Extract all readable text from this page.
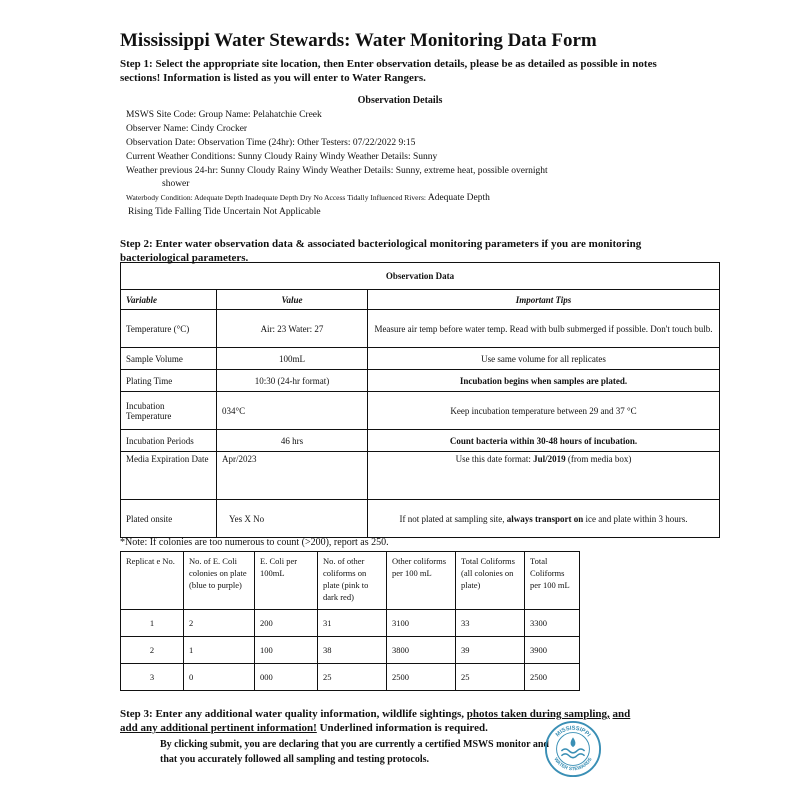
Mississippi Water Stewards: Water Monitoring Data Form
Step 1: Select the appropriate site location, then Enter observation details, please be as detailed as possible in notes sections! Information is listed as you will enter to Water Rangers.
Observation Details
MSWS Site Code: Group Name: Pelahatchie Creek
Observer Name: Cindy Crocker
Observation Date: Observation Time (24hr): Other Testers: 07/22/2022 9:15
Current Weather Conditions: Sunny Cloudy Rainy Windy Weather Details: Sunny
Weather previous 24-hr: Sunny Cloudy Rainy Windy Weather Details: Sunny, extreme heat, possible overnight
shower
Waterbody Condition: Adequate Depth Inadequate Depth Dry No Access Tidally Influenced Rivers: Adequate Depth
Rising Tide Falling Tide Uncertain Not Applicable
Step 2: Enter water observation data & associated bacteriological monitoring parameters if you are monitoring bacteriological parameters.
Observation Data		
Variable	Value	Important Tips
Temperature (°C)	Air: 23 Water: 27	Measure air temp before water temp. Read with bulb submerged if possible. Don't touch bulb.
Sample Volume	100mL	Use same volume for all replicates
Plating Time	10:30 (24-hr format)	Incubation begins when samples are plated.
Incubation Temperature	034°C	Keep incubation temperature between 29 and 37 °C
Incubation Periods	46 hrs	Count bacteria within 30-48 hours of incubation.
Media Expiration Date	Apr/2023	Use this date format: Jul/2019 (from media box)
Plated onsite	Yes X No	If not plated at sampling site, always transport on ice and plate within 3 hours.
*Note: If colonies are too numerous to count (>200), report as 250.
Replicat e No.	No. of E. Coli colonies on plate (blue to purple)	E. Coli per 100mL	No. of other coliforms on plate (pink to dark red)	Other coliforms per 100 mL	Total Coliforms (all colonies on plate)	Total Coliforms per 100 mL
1	2	200	31	3100	33	3300
2	1	100	38	3800	39	3900
3	0	000	25	2500	25	2500
Step 3: Enter any additional water quality information, wildlife sightings, photos taken during sampling, and add any additional pertinent information! Underlined information is required.
By clicking submit, you are declaring that you are currently a certified MSWS monitor and that you accurately followed all sampling and testing protocols.
MISSISSIPPI
WATER STEWARDS
